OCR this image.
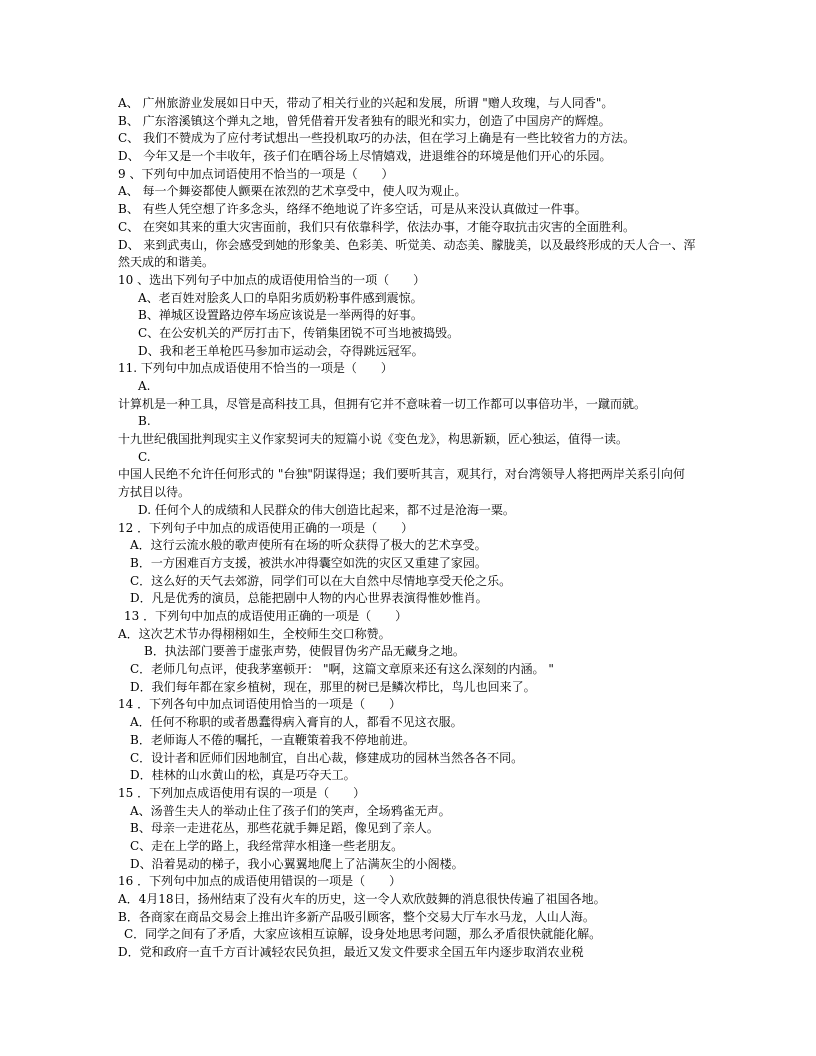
A、 广州旅游业发展如日中天，带动了相关行业的兴起和发展，所谓 "赠人玫瑰，与人同香"。
B、 广东溶溪镇这个弹丸之地，曾凭借着开发者独有的眼光和实力，创造了中国房产的辉煌。
C、 我们不赞成为了应付考试想出一些投机取巧的办法，但在学习上确是有一些比较省力的方法。
D、 今年又是一个丰收年，孩子们在晒谷场上尽情嬉戏，进退维谷的环境是他们开心的乐园。
9 、下列句中加点词语使用不恰当的一项是（　　）
A、 每一个舞姿都使人颤栗在浓烈的艺术享受中，使人叹为观止。
B、 有些人凭空想了许多念头，络绎不绝地说了许多空话，可是从来没认真做过一件事。
C、 在突如其来的重大灾害面前，我们只有依靠科学，依法办事，才能夺取抗击灾害的全面胜利。
D、 来到武夷山，你会感受到她的形象美、色彩美、听觉美、动态美、朦胧美，以及最终形成的天人合一、浑然天成的和谐美。
10 、选出下列句子中加点的成语使用恰当的一项（　　）
A、老百姓对脍炙人口的阜阳劣质奶粉事件感到震惊。
B、禅城区设置路边停车场应该说是一举两得的好事。
C、在公安机关的严厉打击下，传销集团锐不可当地被捣毁。
D、我和老王单枪匹马参加市运动会，夺得跳远冠军。
11. 下列句中加点成语使用不恰当的一项是（　　）
A.
计算机是一种工具，尽管是高科技工具，但拥有它并不意味着一切工作都可以事倍功半，一蹴而就。
B.
十九世纪俄国批判现实主义作家契诃夫的短篇小说《变色龙》，构思新颖，匠心独运，值得一读。
C.
中国人民绝不允许任何形式的 "台独"阴谋得逞；我们要听其言，观其行，对台湾领导人将把两岸关系引向何方拭目以待。
D. 任何个人的成绩和人民群众的伟大创造比起来，都不过是沧海一粟。
12 ．下列句子中加点的成语使用正确的一项是（　　）
A．这行云流水般的歌声使所有在场的听众获得了极大的艺术享受。
B．一方困难百方支援，被洪水冲得囊空如洗的灾区又重建了家园。
C．这么好的天气去郊游，同学们可以在大自然中尽情地享受天伦之乐。
D．凡是优秀的演员，总能把剧中人物的内心世界表演得惟妙惟肖。
13 ．下列句中加点的成语使用正确的一项是（　　）
A．这次艺术节办得栩栩如生，全校师生交口称赞。
B．执法部门要善于虚张声势，使假冒伪劣产品无藏身之地。
C．老师几句点评，使我茅塞顿开： "啊，这篇文章原来还有这么深刻的内涵。 "
D．我们每年都在家乡植树，现在，那里的树已是鳞次栉比，鸟儿也回来了。
14 ．下列各句中加点词语使用恰当的一项是（　　）
A．任何不称职的或者愚蠢得病入膏肓的人，都看不见这衣服。
B．老师诲人不倦的嘱托，一直鞭策着我不停地前进。
C．设计者和匠师们因地制宜，自出心裁，修建成功的园林当然各各不同。
D．桂林的山水黄山的松，真是巧夺天工。
15 ．下列加点成语使用有误的一项是（　　）
A、汤普生夫人的举动止住了孩子们的笑声，全场鸦雀无声。
B、母亲一走进花丛，那些花就手舞足蹈，像见到了亲人。
C、走在上学的路上，我经常萍水相逢一些老朋友。
D、沿着晃动的梯子，我小心翼翼地爬上了沾满灰尘的小阁楼。
16 ．下列句中加点的成语使用错误的一项是（　　）
A．4月18日，扬州结束了没有火车的历史，这一令人欢欣鼓舞的消息很快传遍了祖国各地。
B．各商家在商品交易会上推出许多新产品吸引顾客，整个交易大厅车水马龙，人山人海。
C．同学之间有了矛盾，大家应该相互谅解，设身处地思考问题，那么矛盾很快就能化解。
D．党和政府一直千方百计减轻农民负担，最近又发文件要求全国五年内逐步取消农业税
